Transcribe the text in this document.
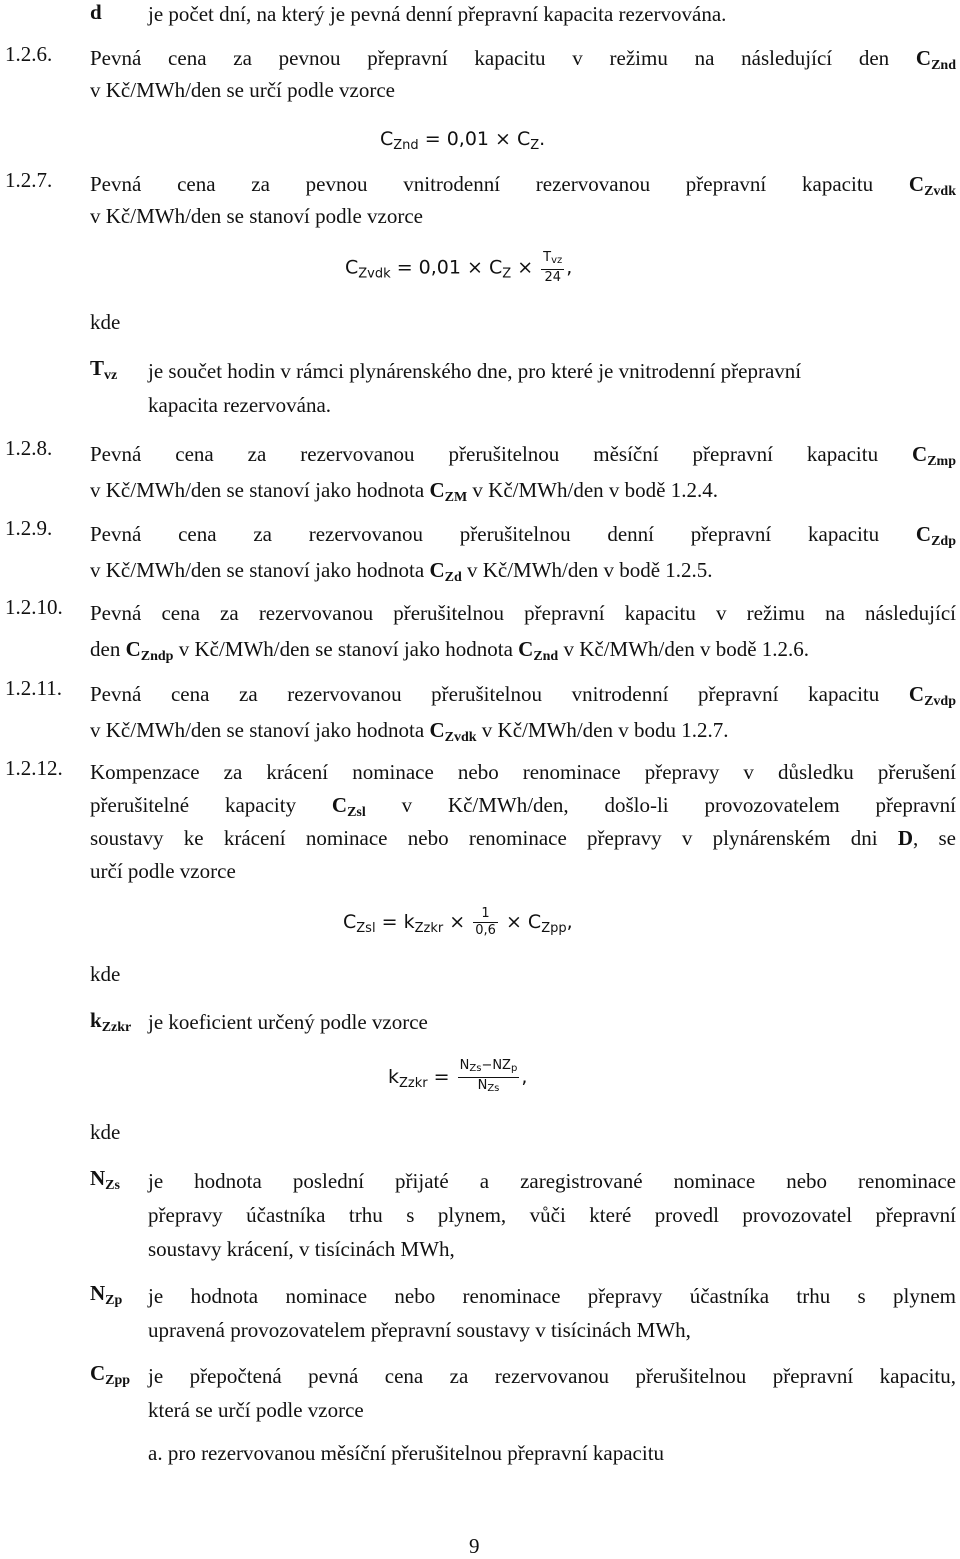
d je počet dní, na který je pevná denní přepravní kapacita rezervována.
1.2.6. Pevná cena za pevnou přepravní kapacitu v režimu na následující den $C_{Znd}$
v Kč/MWh/den se určí podle vzorce
$C_{Znd} = 0,01 \times C_Z$.
1.2.7. Pevná cena za pevnou vnitrodenní rezervovanou přepravní kapacitu $C_{Zvdk}$
v Kč/MWh/den se stanoví podle vzorce
$C_{Zvdk} = 0,01 \times C_Z \times \frac{T_{vz}}{24}$ ,
kde
$T_{vz}$ je součet hodin v rámci plynárenského dne, pro které je vnitrodenní přepravní
kapacita rezervována.
1.2.8. Pevná cena za rezervovanou přerušitelnou měsíční přepravní kapacitu $C_{Zmp}$
v Kč/MWh/den se stanoví jako hodnota $C_{ZM}$ v Kč/MWh/den v bodě 1.2.4.
1.2.9. Pevná cena za rezervovanou přerušitelnou denní přepravní kapacitu $C_{Zdp}$
v Kč/MWh/den se stanoví jako hodnota $C_{Zd}$ v Kč/MWh/den v bodě 1.2.5.
1.2.10. Pevná cena za rezervovanou přerušitelnou přepravní kapacitu v režimu na následující
den $C_{Zndp}$ v Kč/MWh/den se stanoví jako hodnota $C_{Znd}$ v Kč/MWh/den v bodě 1.2.6.
1.2.11. Pevná cena za rezervovanou přerušitelnou vnitrodenní přepravní kapacitu $C_{Zvdp}$
v Kč/MWh/den se stanoví jako hodnota $C_{Zvdk}$ v Kč/MWh/den v bodu 1.2.7.
1.2.12. Kompenzace za krácení nominace nebo renominace přepravy v důsledku přerušení
přerušitelné kapacity $C_{Zsl}$ v Kč/MWh/den, došlo-li provozovatelem přepravní
soustavy ke krácení nominace nebo renominace přepravy v plynárenském dni D, se
určí podle vzorce
$C_{Zsl} = k_{Zzkr} \times \frac{1}{0,6} \times C_{Zpp}$,
kde
$k_{Zzkr}$ je koeficient určený podle vzorce
$k_{Zzkr} = \frac{N_{Zs}-NZ_p}{N_{Zs}}$ ,
kde
$N_{Zs}$ je hodnota poslední přijaté a zaregistrované nominace nebo renominace
přepravy účastníka trhu s plynem, vůči které provedl provozovatel přepravní
soustavy krácení, v tisícinách MWh,
$N_{Zp}$ je hodnota nominace nebo renominace přepravy účastníka trhu s plynem
upravená provozovatelem přepravní soustavy v tisícinách MWh,
$C_{Zpp}$ je přepočtená pevná cena za rezervovanou přerušitelnou přepravní kapacitu,
která se určí podle vzorce
a. pro rezervovanou měsíční přerušitelnou přepravní kapacitu
9
